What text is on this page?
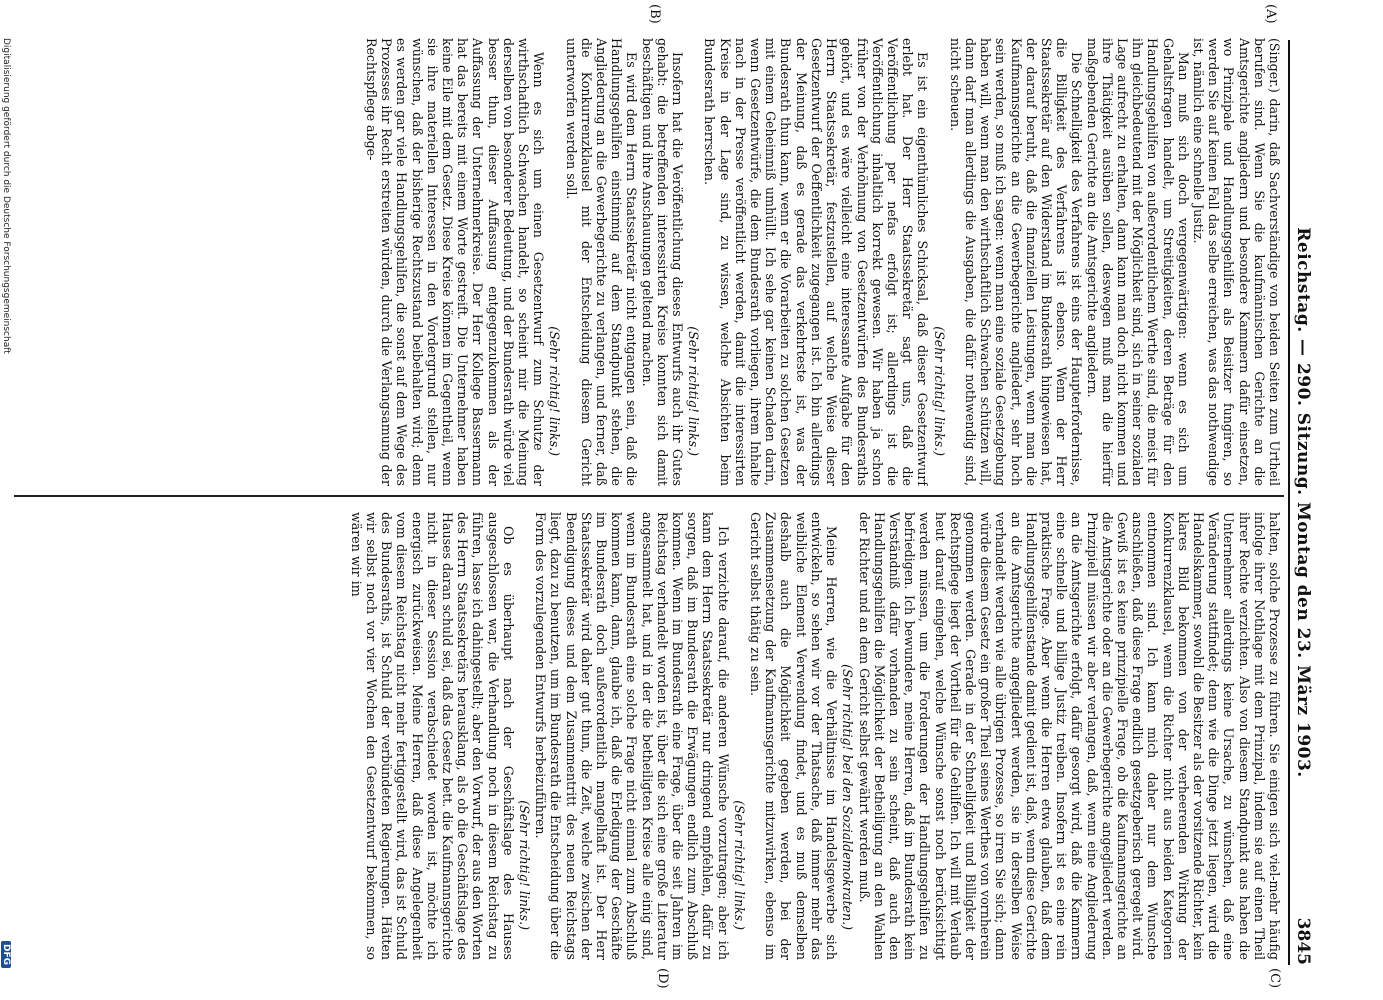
Reichstag. — 290. Sitzung. Montag den 23. März 1903.
3845
(A)
(B)
(C)
(D)

(Singer.) darin, daß Sachverständige von beiden Seiten zum Urtheil berufen sind. Wenn Sie die kaufmännischen Gerichte an die Amtsgerichte angliedern und besondere Kammern dafür einsetzen, wo Prinzipale und Handlungsgehilfen als Beisitzer fungiren, so werden Sie auf keinen Fall das selbe erreichen, was das nothwendige ist, nämlich eine schnelle Justiz.

Man muß sich doch vergegenwärtigen: wenn es sich um Gehaltsfragen handelt, um Streitigkeiten, deren Beträge für den Handlungsgehilfen von außerordentlichem Werthe sind, die meist für ihn gleichbedeutend mit der Möglichkeit sind, sich in seiner sozialen Lage aufrecht zu erhalten, dann kann man doch nicht kommen und ihre Thätigkeit ausüben sollen, deswegen muß man die hierfür maßgebenden Gerichte an die Amtsgerichte angliedern.

Die Schnelligkeit des Verfahrens ist eins der Haupterfordernisse, die Billigkeit des Verfahrens ist ebenso. Wenn der Herr Staatssekretär auf den Widerstand im Bundesrath hingewiesen hat, der darauf beruht, daß die finanziellen Leistungen, wenn man die Kaufmannsgerichte an die Gewerbegerichte angliedert, sehr hoch sein werden, so muß ich sagen: wenn man eine soziale Gesetzgebung haben will, wenn man den wirthschaftlich Schwachen schützen will, dann darf man allerdings die Ausgaben, die dafür nothwendig sind, nicht scheuen.

(Sehr richtig! links.)

Es ist ein eigenthümliches Schicksal, daß dieser Gesetzentwurf erlebt hat. Der Herr Staatssekretär sagt uns, daß die Veröffentlichung per nefas erfolgt ist; allerdings ist die Veröffentlichung inhaltlich korrekt gewesen. Wir haben ja schon früher von der Verhöhnung von Gesetzentwürfen des Bundesraths gehört, und es wäre vielleicht eine interessante Aufgabe für den Herrn Staatssekretär, festzustellen, auf welche Weise dieser Gesetzentwurf der Oeffentlichkeit zugegangen ist. Ich bin allerdings der Meinung, daß es gerade das verkehrteste ist, was der Bundesrath thun kann, wenn er die Vorarbeiten zu solchen Gesetzen mit einem Geheimniß umhüllt. Ich sehe gar keinen Schaden darin, wenn Gesetzentwürfe, die dem Bundesrath vorliegen, ihrem Inhalte nach in der Presse veröffentlicht werden, damit die interessirten Kreise in der Lage sind, zu wissen, welche Absichten beim Bundesrath herrschen.

(Sehr richtig! links.)

Insofern hat die Veröffentlichung dieses Entwurfs auch ihr Gutes gehabt: die betreffenden interessirten Kreise konnten sich damit beschäftigen und ihre Anschauungen geltend machen.

Es wird dem Herrn Staatssekretär nicht entgangen sein, daß die Handlungsgehilfen einstimmig auf dem Standpunkt stehen, die Angliederung an die Gewerbegerichte zu verlangen, und ferner, daß die Konkurrenzklausel mit der Entscheidung diesem Gericht unterworfen werden soll.

(Sehr richtig! links.)

Wenn es sich um einen Gesetzentwurf zum Schutze der wirthschaftlich Schwachen handelt, so scheint mir die Meinung derselben von besonderer Bedeutung, und der Bundesrath würde viel besser thun, dieser Auffassung entgegenzukommen als der Auffassung der Unternehmerkreise. Der Herr Kollege Bassermann hat das bereits mit einem Worte gestreift. Die Unternehmer haben keine Eile mit dem Gesetz. Diese Kreise können im Gegentheil, wenn sie ihre materiellen Interessen in den Vordergrund stellen, nur wünschen, daß der bisherige Rechtszustand beibehalten wird; denn es werden gar viele Handlungsgehilfen, die sonst auf dem Wege des Prozesses ihr Recht erstreiten würden, durch die Verlangsamung der Rechtspflege abge-

halten, solche Prozesse zu führen. Sie einigen sich viel-mehr häufig infolge ihrer Nothlage mit dem Prinzipal, indem sie auf einen Theil ihrer Rechte verzichten. Also von diesem Standpunkt aus haben die Unternehmer allerdings keine Ursache, zu wünschen, daß eine Veränderung stattfindet; denn wie die Dinge jetzt liegen, wird die Handelskammer, sowohl die Besitzer als der vorsitzende Richter, kein klares Bild bekommen von der verheerenden Wirkung der Konkurrenzklausel, wenn die Richter nicht aus beiden Kategorien entnommen sind. Ich kann mich daher nur dem Wunsche anschließen, daß diese Frage endlich gesetzgeberisch geregelt wird. Gewiß ist es keine prinzipielle Frage, ob die Kaufmannsgerichte an die Amtsgerichte oder an die Gewerbegerichte angegliedert werden. Prinzipiell müssen wir aber verlangen, daß, wenn eine Angliederung an die Amtsgerichte erfolgt, dafür gesorgt wird, daß die Kammern eine schnelle und billige Justiz treiben. Insofern ist es eine rein praktische Frage. Aber wenn die Herren etwa glauben, daß dem Handlungsgehilfenstande damit gedient ist, daß, wenn diese Gerichte an die Amtsgerichte angegliedert werden, sie in derselben Weise verhandelt werden wie alle übrigen Prozesse, so irren Sie sich; dann würde diesem Gesetz ein großer Theil seines Werthes von vornherein genommen werden. Gerade in der Schnelligkeit und Billigkeit der Rechtspflege liegt der Vortheil für die Gehilfen. Ich will mit Verlaub heut darauf eingehen, welche Wünsche sonst noch berücksichtigt werden müssen, um die Forderungen der Handlungsgehilfen zu befriedigen. Ich bewundere, meine Herren, daß im Bundesrath kein Verständniß dafür vorhanden zu sein scheint, daß auch den Handlungsgehilfen die Möglichkeit der Betheiligung an den Wahlen der Richter und an dem Gericht selbst gewährt werden muß.

(Sehr richtig! bei den Sozialdemokraten.)

Meine Herren, wie die Verhältnisse im Handelsgewerbe sich entwickeln, so sehen wir vor der Thatsache, daß immer mehr das weibliche Element Verwendung findet, und es muß demselben deshalb auch die Möglichkeit gegeben werden, bei der Zusammensetzung der Kaufmannsgerichte mitzuwirken, ebenso im Gericht selbst thätig zu sein.

(Sehr richtig! links.)

Ich verzichte darauf, die anderen Wünsche vorzutragen; aber ich kann dem Herrn Staatssekretär nur dringend empfehlen, dafür zu sorgen, daß im Bundesrath die Erwägungen endlich zum Abschluß kommen. Wenn im Bundesrath eine Frage, über die seit Jahren im Reichstag verhandelt worden ist, über die sich eine große Literatur angesammelt hat, und in der die betheiligten Kreise alle einig sind, wenn im Bundesrath eine solche Frage nicht einmal zum Abschluß kommen kann, dann, glaube ich, daß die Erledigung der Geschäfte im Bundesrath doch außerordentlich mangelhaft ist. Der Herr Staatssekretär wird daher gut thun, die Zeit, welche zwischen der Beendigung dieses und dem Zusammentritt des neuen Reichstags liegt, dazu zu benutzen, um im Bundesrath die Entscheidung über die Form des vorzulegenden Entwurfs herbeizuführen.

(Sehr richtig! links.)

Ob es überhaupt nach der Geschäftslage des Hauses ausgeschlossen war, die Verhandlung noch in diesem Reichstag zu führen, lasse ich dahingestellt; aber den Vorwurf, der aus den Worten des Herrn Staatssekretärs herausklang, als ob die Geschäftslage des Hauses daran schuld sei, daß das Gesetz bett. die Kaufmannsgerichte nicht in dieser Session verabschiedet worden ist, möchte ich energisch zurückweisen. Meine Herren, daß diese Angelegenheit vom diesem Reichstag nicht mehr fertiggestellt wird, das ist Schuld des Bundesraths, ist Schuld der verbündeten Regierungen. Hätten wir selbst noch vor vier Wochen den Gesetzentwurf bekommen, so wären wir im

Digitalisierung gefördert durch die Deutsche Forschungsgemeinschaft
DFG
